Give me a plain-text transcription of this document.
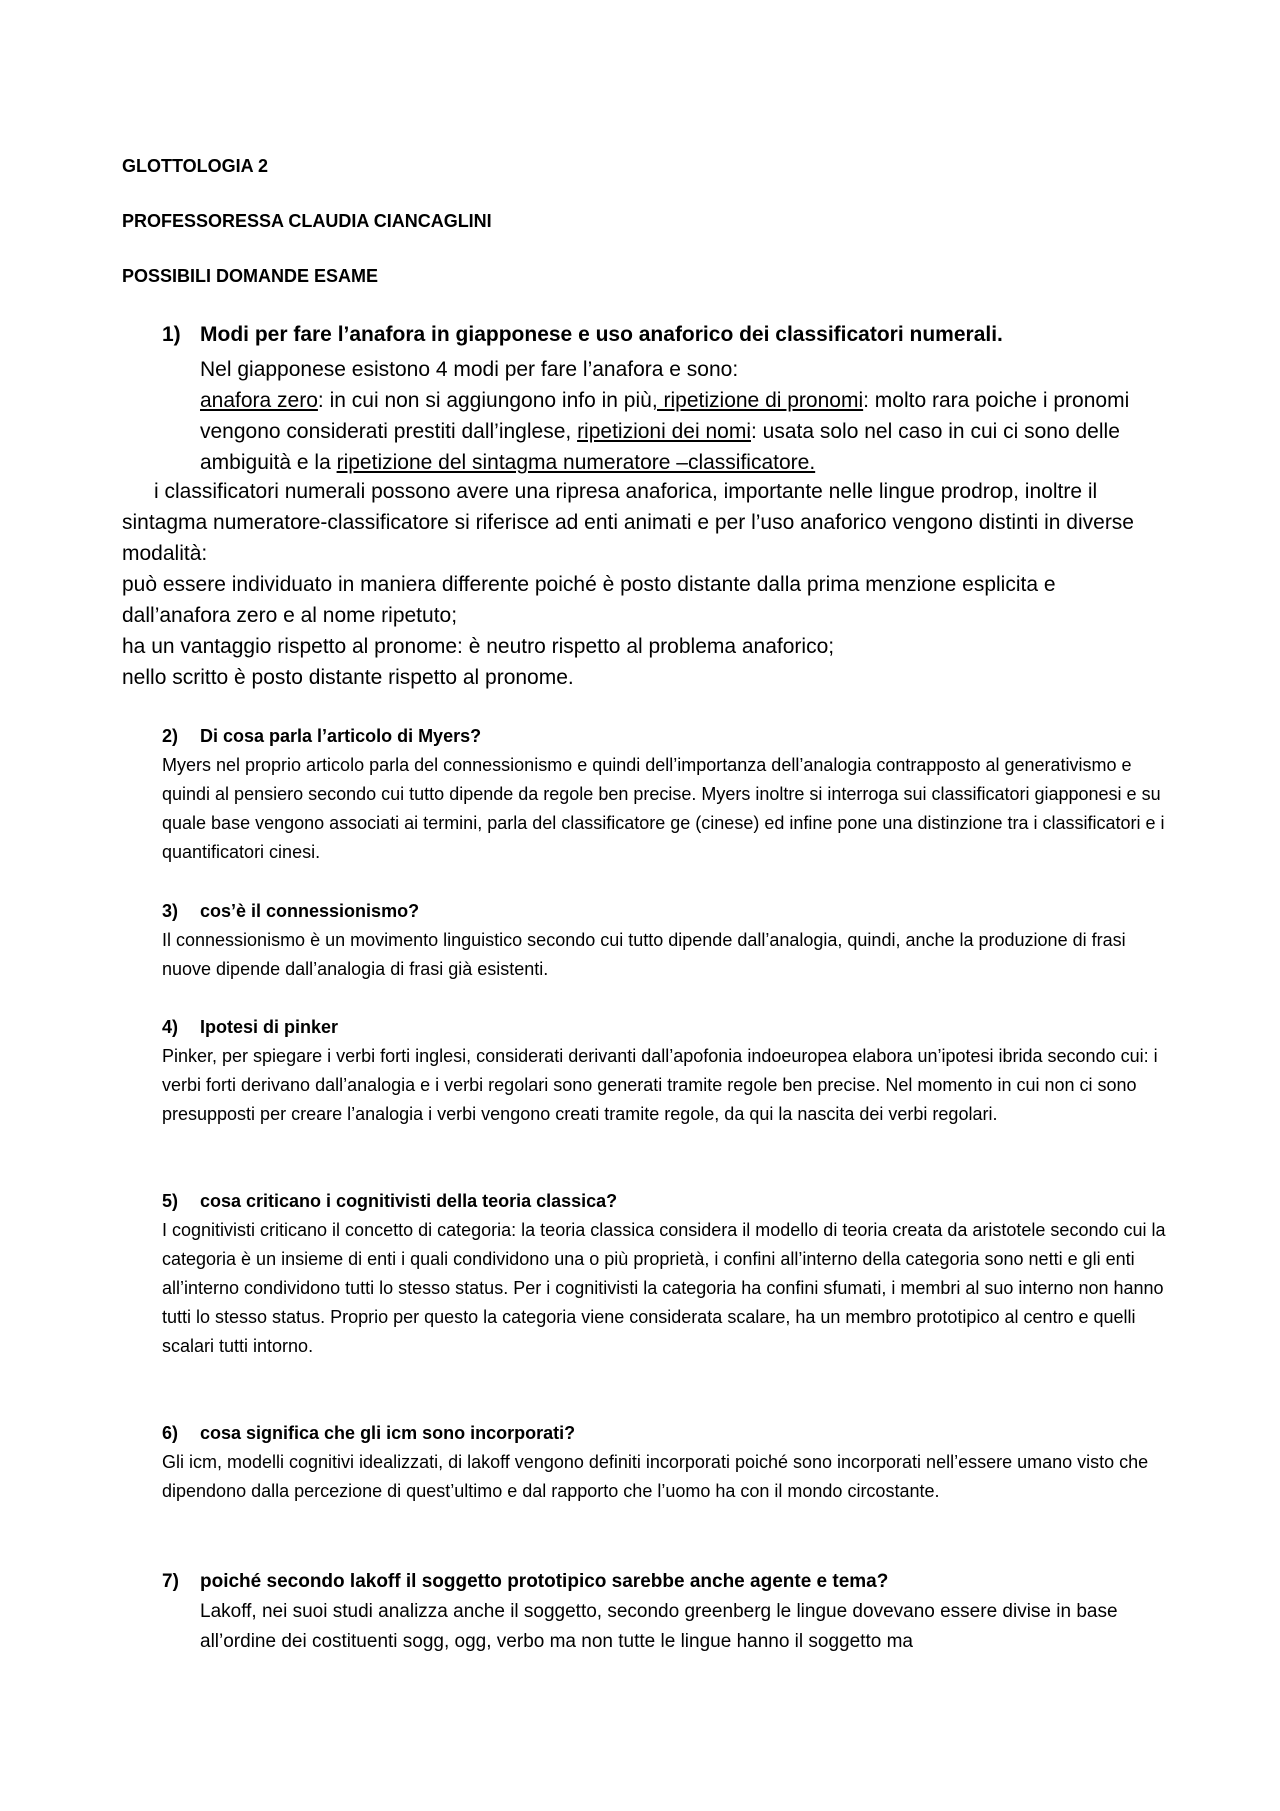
GLOTTOLOGIA 2

PROFESSORESSA CLAUDIA CIANCAGLINI

POSSIBILI DOMANDE ESAME

1) Modi per fare l’anafora in giapponese e uso anaforico dei classificatori numerali.

Nel giapponese esistono 4 modi per fare l’anafora e sono:
anafora zero: in cui non si aggiungono info in più, ripetizione di pronomi: molto rara poiche i pronomi vengono considerati prestiti dall’inglese, ripetizioni dei nomi: usata solo nel caso in cui ci sono delle ambiguità e la ripetizione del sintagma numeratore –classificatore.

i classificatori numerali possono avere una ripresa anaforica, importante nelle lingue prodrop, inoltre il sintagma numeratore-classificatore si riferisce ad enti animati e per l’uso anaforico vengono distinti in diverse modalità:
può essere individuato in maniera differente poiché è posto distante dalla prima menzione esplicita e dall’anafora zero e al nome ripetuto;
ha un vantaggio rispetto al pronome: è neutro rispetto al problema anaforico;
nello scritto è posto distante rispetto al pronome.
2) Di cosa parla l’articolo di Myers?
Myers nel proprio articolo parla del connessionismo e quindi dell’importanza dell’analogia contrapposto al generativismo e quindi al pensiero secondo cui tutto dipende da regole ben precise. Myers inoltre si interroga sui classificatori giapponesi e su quale base vengono associati ai termini, parla del classificatore ge (cinese) ed infine pone una distinzione tra i classificatori e i quantificatori cinesi.
3) cos’è il connessionismo?
Il connessionismo è un movimento linguistico secondo cui tutto dipende dall’analogia, quindi, anche la produzione di frasi nuove dipende dall’analogia di frasi già esistenti.
4) Ipotesi di pinker
Pinker, per spiegare i verbi forti inglesi, considerati derivanti dall’apofonia indoeuropea elabora un’ipotesi ibrida secondo cui: i verbi forti derivano dall’analogia e i verbi regolari sono generati tramite regole ben precise. Nel momento in cui non ci sono presupposti per creare l’analogia i verbi vengono creati tramite regole, da qui la nascita dei verbi regolari.
5) cosa criticano i cognitivisti della teoria classica?
I cognitivisti criticano il concetto di categoria: la teoria classica considera il modello di teoria creata da aristotele secondo cui la categoria è un insieme di enti i quali condividono una o più proprietà, i confini all’interno della categoria sono netti e gli enti all’interno condividono tutti lo stesso status. Per i cognitivisti la categoria ha confini sfumati, i membri al suo interno non hanno tutti lo stesso status. Proprio per questo la categoria viene considerata scalare, ha un membro prototipico al centro e quelli scalari tutti intorno.
6) cosa significa che gli icm sono incorporati?
Gli icm, modelli cognitivi idealizzati, di lakoff vengono definiti incorporati poiché sono incorporati nell’essere umano visto che dipendono dalla percezione di quest’ultimo e dal rapporto che l’uomo ha con il mondo circostante.
7) poiché secondo lakoff il soggetto prototipico sarebbe anche agente e tema?
Lakoff, nei suoi studi analizza anche il soggetto, secondo greenberg le lingue dovevano essere divise in base all’ordine dei costituenti sogg, ogg, verbo ma non tutte le lingue hanno il soggetto ma
